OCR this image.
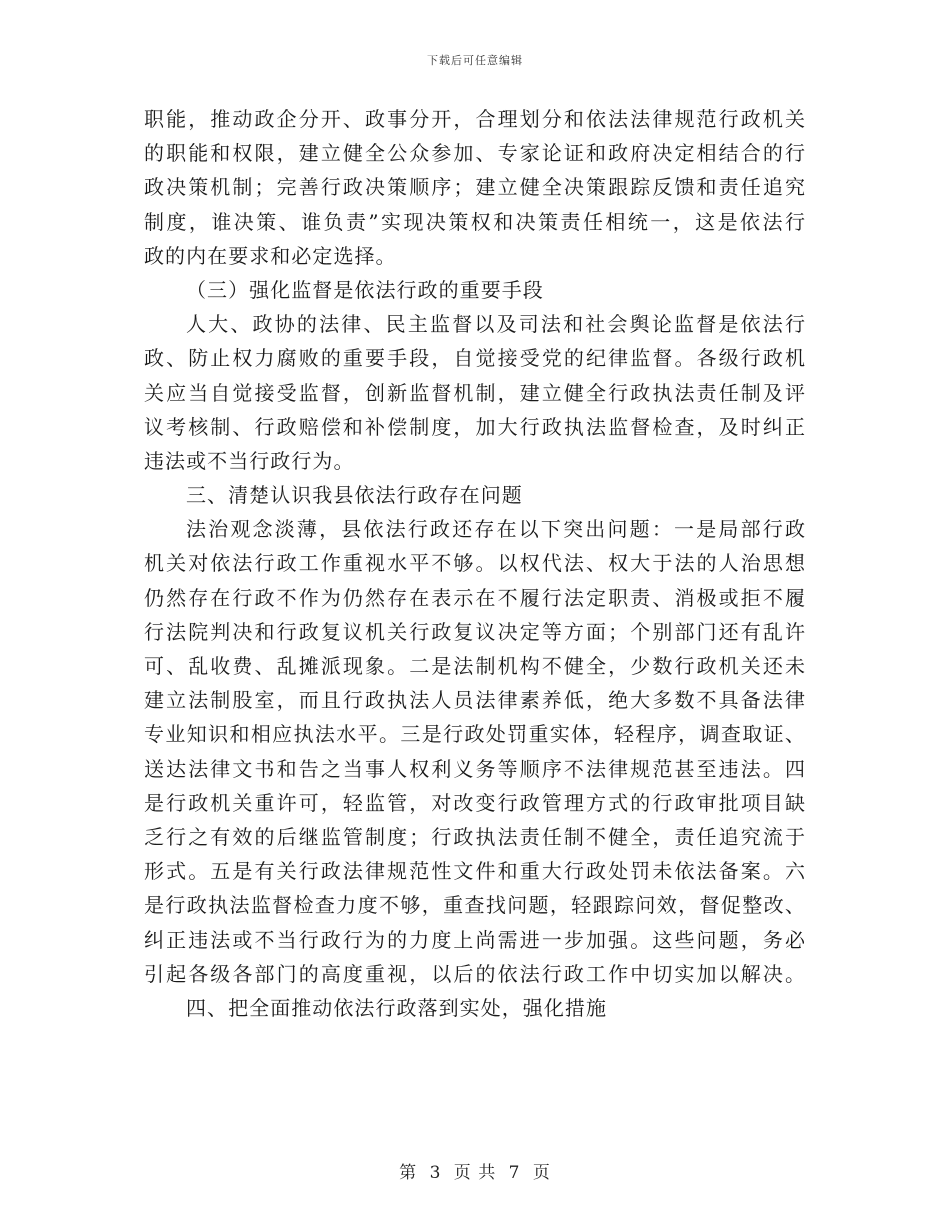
下载后可任意编辑
职能，推动政企分开、政事分开，合理划分和依法法律规范行政机关
的职能和权限，建立健全公众参加、专家论证和政府决定相结合的行
政决策机制；完善行政决策顺序；建立健全决策跟踪反馈和责任追究
制度，谁决策、谁负责”实现决策权和决策责任相统一，这是依法行
政的内在要求和必定选择。
（三）强化监督是依法行政的重要手段
人大、政协的法律、民主监督以及司法和社会舆论监督是依法行
政、防止权力腐败的重要手段，自觉接受党的纪律监督。各级行政机
关应当自觉接受监督，创新监督机制，建立健全行政执法责任制及评
议考核制、行政赔偿和补偿制度，加大行政执法监督检查，及时纠正
违法或不当行政行为。
三、清楚认识我县依法行政存在问题
法治观念淡薄，县依法行政还存在以下突出问题：一是局部行政
机关对依法行政工作重视水平不够。以权代法、权大于法的人治思想
仍然存在行政不作为仍然存在表示在不履行法定职责、消极或拒不履
行法院判决和行政复议机关行政复议决定等方面；个别部门还有乱许
可、乱收费、乱摊派现象。二是法制机构不健全，少数行政机关还未
建立法制股室，而且行政执法人员法律素养低，绝大多数不具备法律
专业知识和相应执法水平。三是行政处罚重实体，轻程序，调查取证、
送达法律文书和告之当事人权利义务等顺序不法律规范甚至违法。四
是行政机关重许可，轻监管，对改变行政管理方式的行政审批项目缺
乏行之有效的后继监管制度；行政执法责任制不健全，责任追究流于
形式。五是有关行政法律规范性文件和重大行政处罚未依法备案。六
是行政执法监督检查力度不够，重查找问题，轻跟踪问效，督促整改、
纠正违法或不当行政行为的力度上尚需进一步加强。这些问题，务必
引起各级各部门的高度重视，以后的依法行政工作中切实加以解决。
四、把全面推动依法行政落到实处，强化措施
第 3 页 共 7 页
